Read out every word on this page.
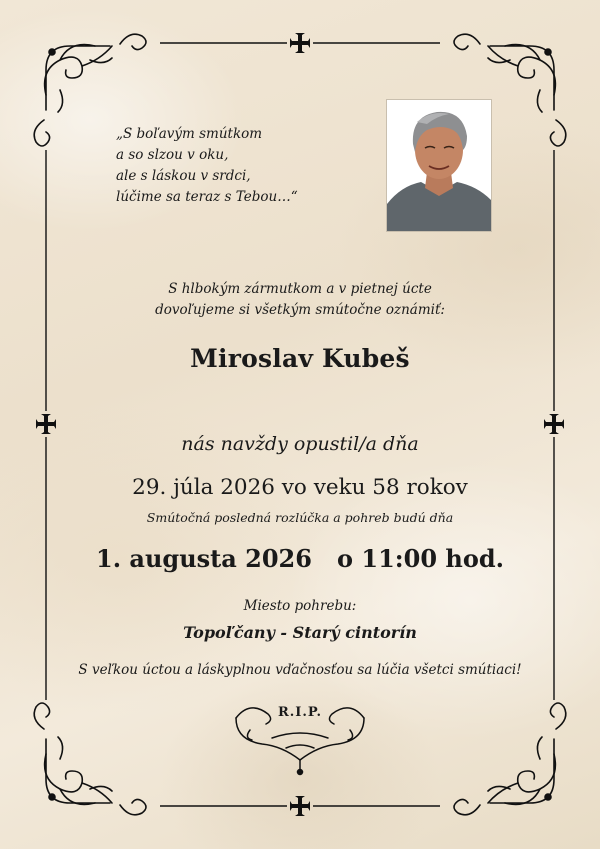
„S boľavým smútkom
a so slzou v oku,
ale s láskou v srdci,
lúčime sa teraz s Tebou…“
S hlbokým zármutkom a v pietnej úcte
dovoľujeme si všetkým smútočne oznámiť:
Miroslav Kubeš
nás navždy opustil/a dňa
29. júla 2026 vo veku 58 rokov
Smútočná posledná rozlúčka a pohreb budú dňa
1. augusta 2026   o 11:00 hod.
Miesto pohrebu:
Topoľčany - Starý cintorín
S veľkou úctou a láskyplnou vďačnosťou sa lúčia všetci smútiaci!
R.I.P.
